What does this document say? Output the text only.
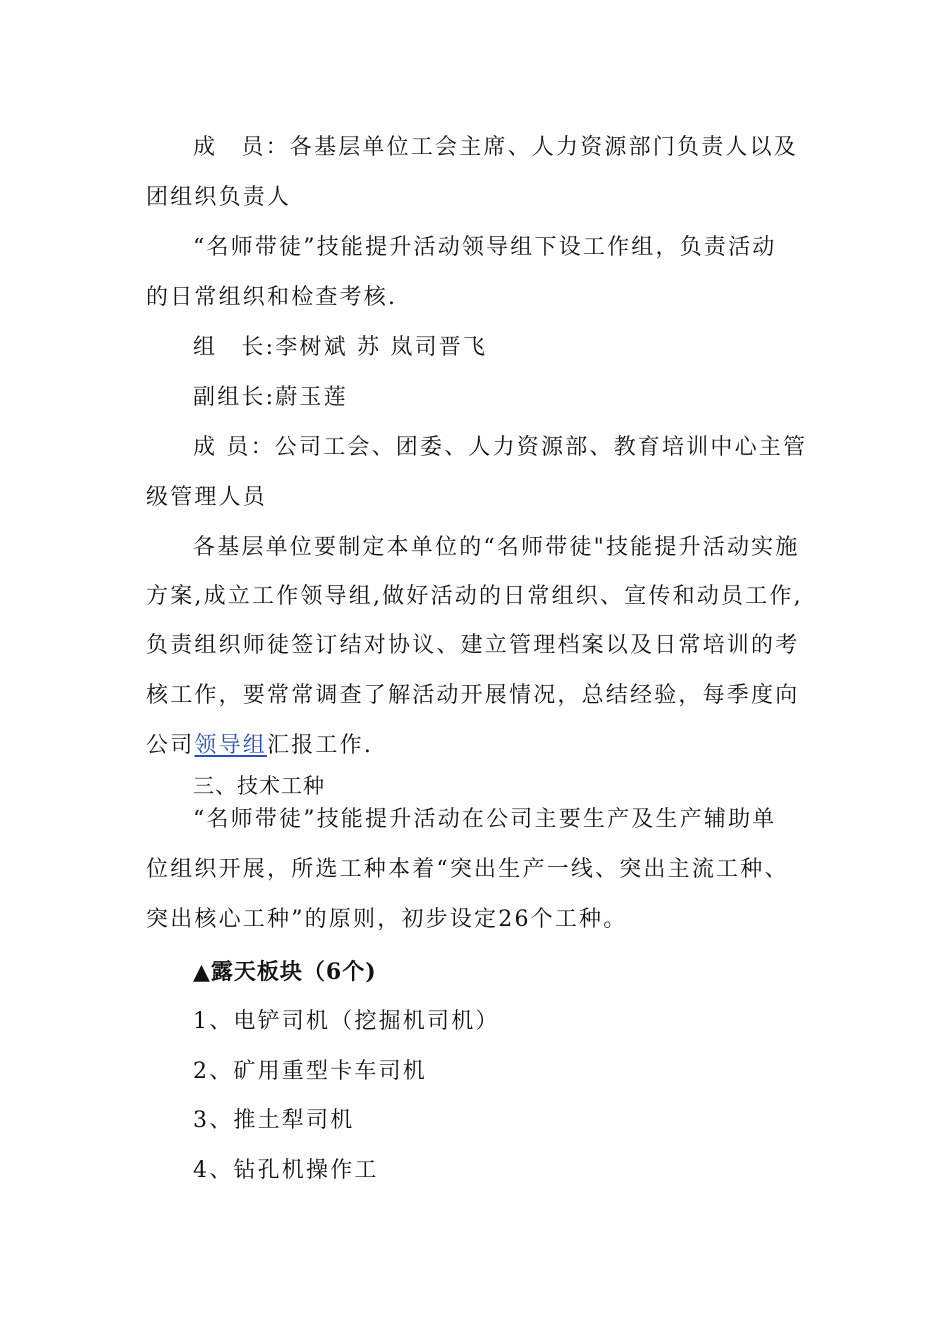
成　员：各基层单位工会主席、人力资源部门负责人以及
团组织负责人
“名师带徒”技能提升活动领导组下设工作组，负责活动
的日常组织和检查考核.
组　长:李树斌 苏 岚司晋飞
副组长:蔚玉莲
成 员：公司工会、团委、人力资源部、教育培训中心主管
级管理人员
各基层单位要制定本单位的“名师带徒"技能提升活动实施
方案,成立工作领导组,做好活动的日常组织、宣传和动员工作,
负责组织师徒签订结对协议、建立管理档案以及日常培训的考
核工作，要常常调查了解活动开展情况，总结经验，每季度向
公司领导组汇报工作.
三、技术工种
“名师带徒”技能提升活动在公司主要生产及生产辅助单
位组织开展，所选工种本着“突出生产一线、突出主流工种、
突出核心工种”的原则，初步设定26个工种。
▲露天板块（6个)
1、电铲司机（挖掘机司机）
2、矿用重型卡车司机
3、推土犁司机
4、钻孔机操作工
